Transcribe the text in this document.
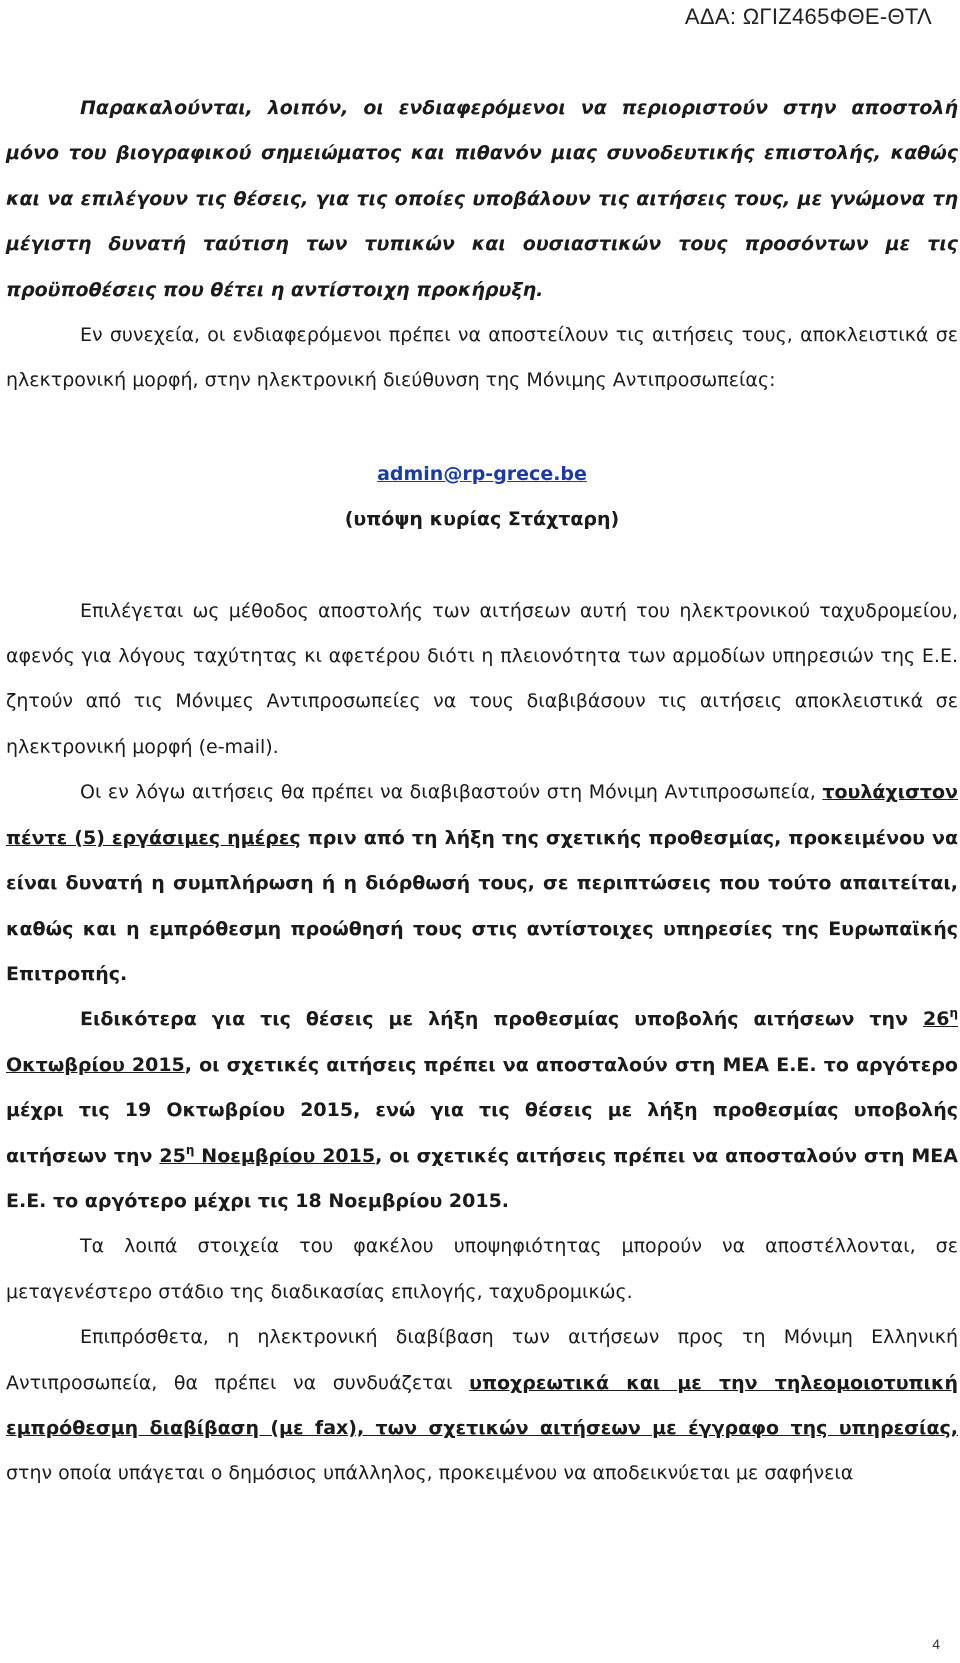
ΑΔΑ: ΩΓΙΖ465ΦΘΕ-ΘΤΛ

Παρακαλούνται, λοιπόν, οι ενδιαφερόμενοι να περιοριστούν στην αποστολή μόνο του βιογραφικού σημειώματος και πιθανόν μιας συνοδευτικής επιστολής, καθώς και να επιλέγουν τις θέσεις, για τις οποίες υποβάλουν τις αιτήσεις τους, με γνώμονα τη μέγιστη δυνατή ταύτιση των τυπικών και ουσιαστικών τους προσόντων με τις προϋποθέσεις που θέτει η αντίστοιχη προκήρυξη.

Εν συνεχεία, οι ενδιαφερόμενοι πρέπει να αποστείλουν τις αιτήσεις τους, αποκλειστικά σε ηλεκτρονική μορφή, στην ηλεκτρονική διεύθυνση της Μόνιμης Αντιπροσωπείας:

admin@rp-grece.be

(υπόψη κυρίας Στάχταρη)

Επιλέγεται ως μέθοδος αποστολής των αιτήσεων αυτή του ηλεκτρονικού ταχυδρομείου, αφενός για λόγους ταχύτητας κι αφετέρου διότι η πλειονότητα των αρμοδίων υπηρεσιών της Ε.Ε. ζητούν από τις Μόνιμες Αντιπροσωπείες να τους διαβιβάσουν τις αιτήσεις αποκλειστικά σε ηλεκτρονική μορφή (e-mail).

Οι εν λόγω αιτήσεις θα πρέπει να διαβιβαστούν στη Μόνιμη Αντιπροσωπεία, τουλάχιστον πέντε (5) εργάσιμες ημέρες πριν από τη λήξη της σχετικής προθεσμίας, προκειμένου να είναι δυνατή η συμπλήρωση ή η διόρθωσή τους, σε περιπτώσεις που τούτο απαιτείται, καθώς και η εμπρόθεσμη προώθησή τους στις αντίστοιχες υπηρεσίες της Ευρωπαϊκής Επιτροπής.

Ειδικότερα για τις θέσεις με λήξη προθεσμίας υποβολής αιτήσεων την $26^\eta$ Οκτωβρίου 2015, οι σχετικές αιτήσεις πρέπει να αποσταλούν στη ΜΕΑ Ε.Ε. το αργότερο μέχρι τις 19 Οκτωβρίου 2015, ενώ για τις θέσεις με λήξη προθεσμίας υποβολής αιτήσεων την $25^\eta$ Νοεμβρίου 2015, οι σχετικές αιτήσεις πρέπει να αποσταλούν στη ΜΕΑ Ε.Ε. το αργότερο μέχρι τις 18 Νοεμβρίου 2015.

Τα λοιπά στοιχεία του φακέλου υποψηφιότητας μπορούν να αποστέλλονται, σε μεταγενέστερο στάδιο της διαδικασίας επιλογής, ταχυδρομικώς.

Επιπρόσθετα, η ηλεκτρονική διαβίβαση των αιτήσεων προς τη Μόνιμη Ελληνική Αντιπροσωπεία, θα πρέπει να συνδυάζεται υποχρεωτικά και με την τηλεομοιοτυπική εμπρόθεσμη διαβίβαση (με fax), των σχετικών αιτήσεων με έγγραφο της υπηρεσίας, στην οποία υπάγεται ο δημόσιος υπάλληλος, προκειμένου να αποδεικνύεται με σαφήνεια

4
